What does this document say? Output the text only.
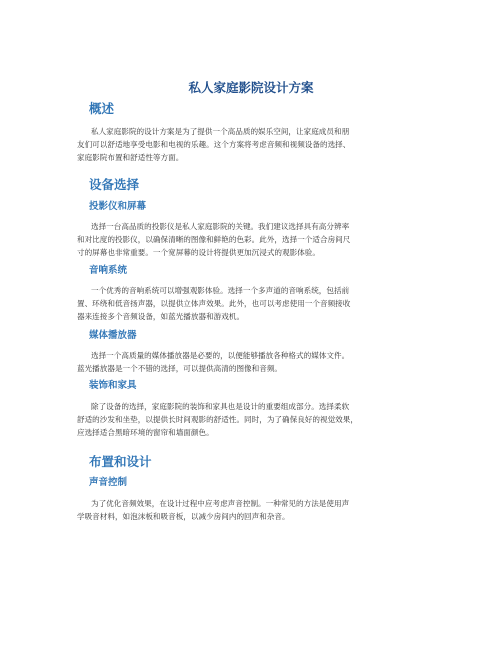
私人家庭影院设计方案
概述
私人家庭影院的设计方案是为了提供一个高品质的娱乐空间，让家庭成员和朋
友们可以舒适地享受电影和电视的乐趣。这个方案将考虑音频和视频设备的选择、
家庭影院布置和舒适性等方面。
设备选择
投影仪和屏幕
选择一台高品质的投影仪是私人家庭影院的关键。我们建议选择具有高分辨率
和对比度的投影仪，以确保清晰的图像和鲜艳的色彩。此外，选择一个适合房间尺
寸的屏幕也非常重要。一个宽屏幕的设计将提供更加沉浸式的观影体验。
音响系统
一个优秀的音响系统可以增强观影体验。选择一个多声道的音响系统，包括前
置、环绕和低音扬声器，以提供立体声效果。此外，也可以考虑使用一个音频接收
器来连接多个音频设备，如蓝光播放器和游戏机。
媒体播放器
选择一个高质量的媒体播放器是必要的，以便能够播放各种格式的媒体文件。
蓝光播放器是一个不错的选择，可以提供高清的图像和音频。
装饰和家具
除了设备的选择，家庭影院的装饰和家具也是设计的重要组成部分。选择柔软
舒适的沙发和坐垫，以提供长时间观影的舒适性。同时，为了确保良好的视觉效果，
应选择适合黑暗环境的窗帘和墙面颜色。
布置和设计
声音控制
为了优化音频效果，在设计过程中应考虑声音控制。一种常见的方法是使用声
学吸音材料，如泡沫板和吸音板，以减少房间内的回声和杂音。
